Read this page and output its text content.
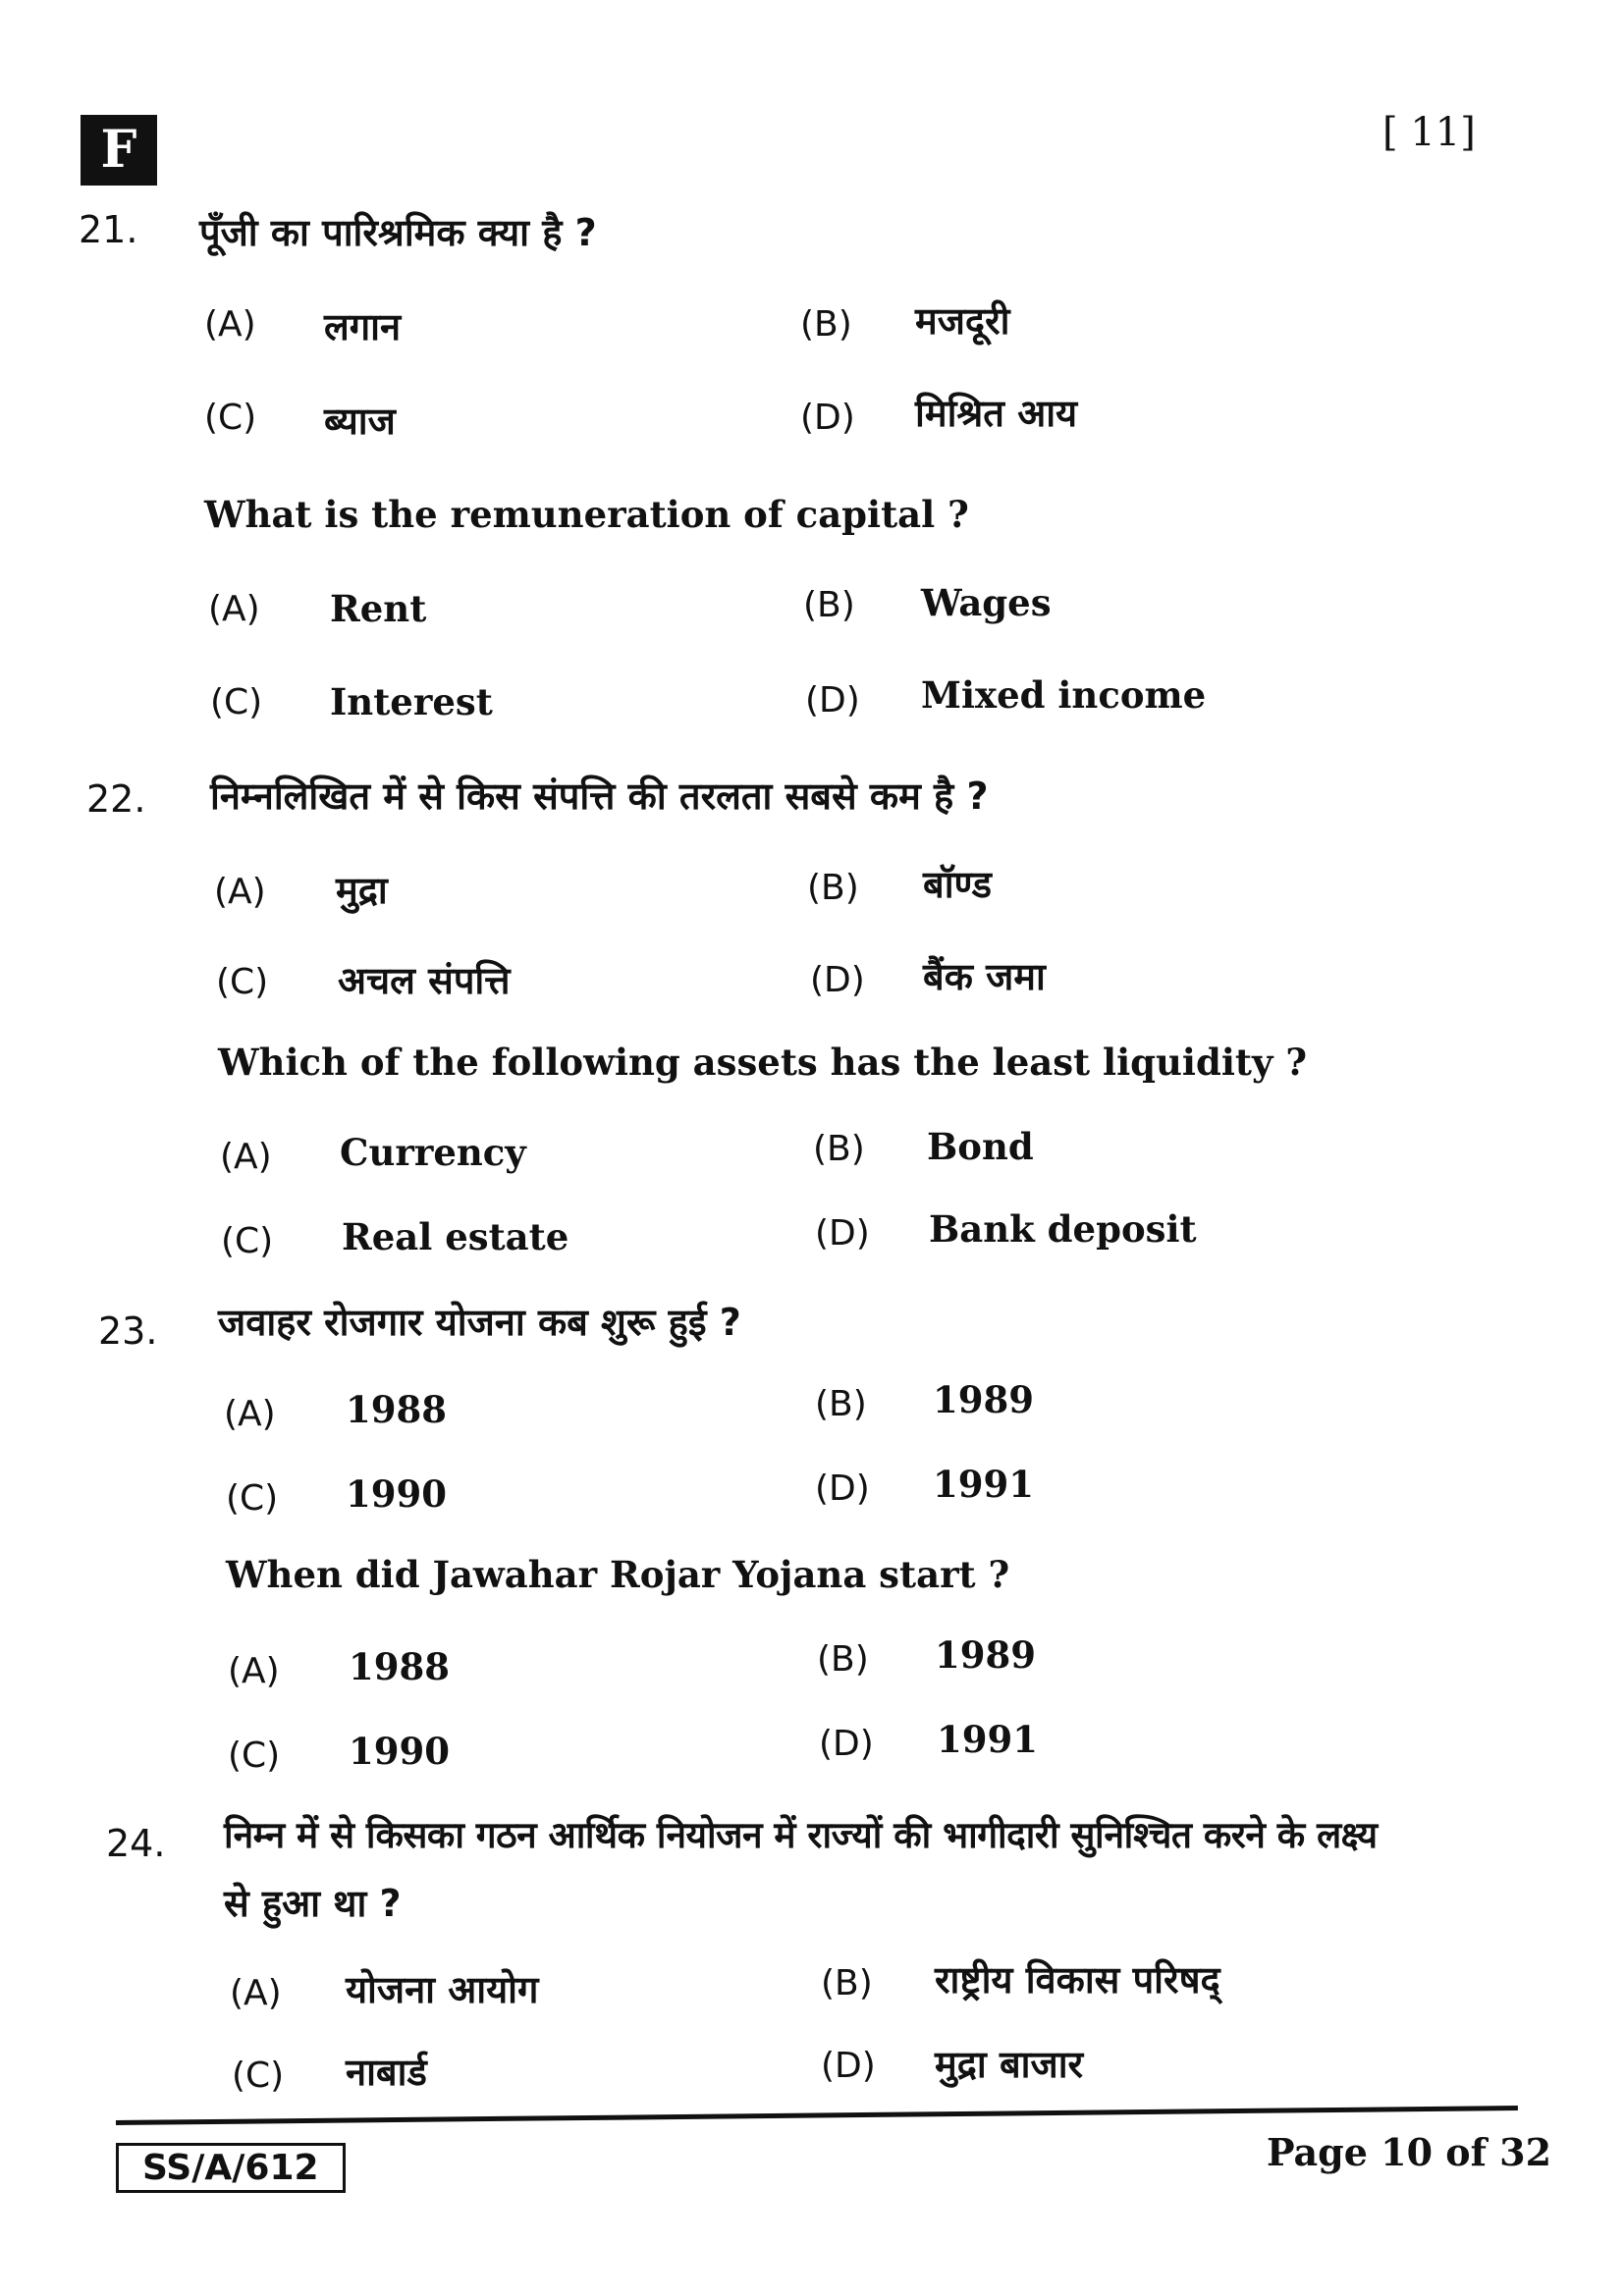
F	[ 11]
21. पूँजी का पारिश्रमिक क्या है ?
(A) लगान	(B) मजदूरी
(C) ब्याज	(D) मिश्रित आय
What is the remuneration of capital ?
(A) Rent	(B) Wages
(C) Interest	(D) Mixed income
22. निम्नलिखित में से किस संपत्ति की तरलता सबसे कम है ?
(A) मुद्रा	(B) बॉण्ड
(C) अचल संपत्ति	(D) बैंक जमा
Which of the following assets has the least liquidity ?
(A) Currency	(B) Bond
(C) Real estate	(D) Bank deposit
23. जवाहर रोजगार योजना कब शुरू हुई ?
(A) 1988	(B) 1989
(C) 1990	(D) 1991
When did Jawahar Rojar Yojana start ?
(A) 1988	(B) 1989
(C) 1990	(D) 1991
24. निम्न में से किसका गठन आर्थिक नियोजन में राज्यों की भागीदारी सुनिश्चित करने के लक्ष्य
से हुआ था ?
(A) योजना आयोग	(B) राष्ट्रीय विकास परिषद्
(C) नाबार्ड	(D) मुद्रा बाजार
SS/A/612	Page 10 of 32
